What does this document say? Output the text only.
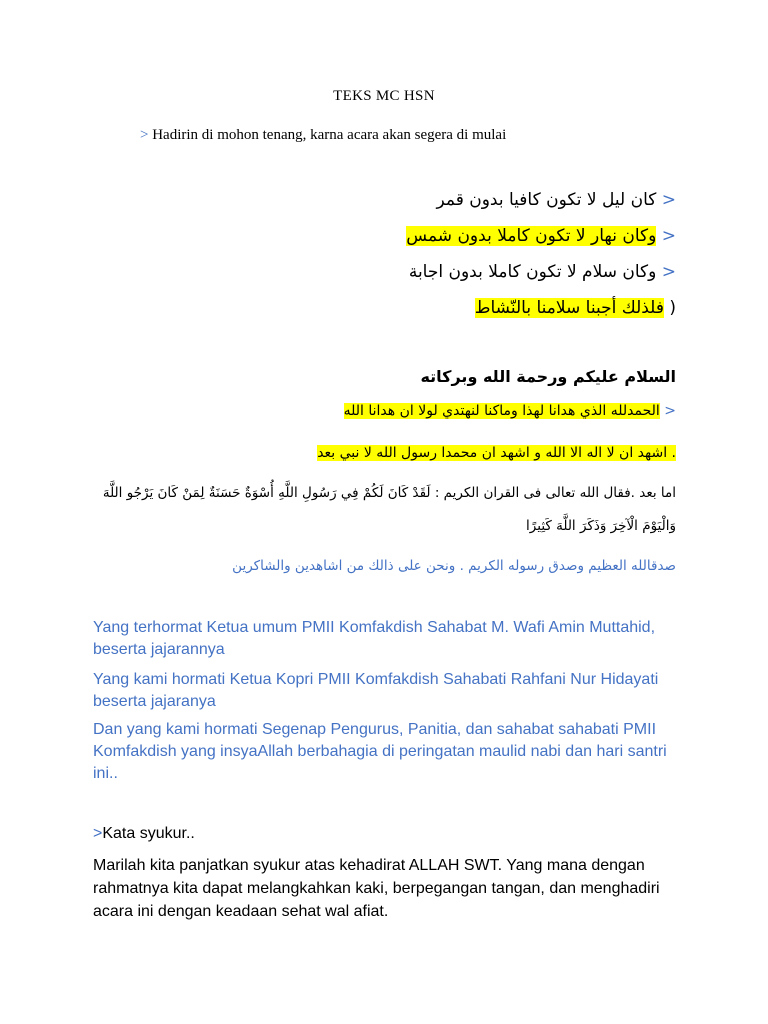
TEKS MC HSN
> Hadirin di mohon tenang, karna acara akan segera di mulai
< كان ليل لا تكون كافيا بدون قمر
< وكان نهار لا تكون كاملا بدون شمس
< وكان سلام لا تكون كاملا بدون اجابة
( فلذلك أجبنا سلامنا بالنّشاط
السلام عليكم ورحمة الله وبركاته
< الحمدلله الذي هدانا لهذا وماكنا لنهتدي لولا ان هدانا الله
. اشهد ان لا اله الا الله و اشهد ان محمدا رسول الله لا نبي بعد
اما بعد .فقال الله تعالى فى القران الكريم : لَقَدْ كَانَ لَكُمْ فِي رَسُولِ اللَّهِ أُسْوَةٌ حَسَنَةٌ لِمَنْ كَانَ يَرْجُو اللَّهَ
وَالْيَوْمَ الْآخِرَ وَذَكَرَ اللَّهَ كَثِيرًا
صدقالله العظيم وصدق رسوله الكريم . ونحن على ذالك من اشاهدين والشاكرين
Yang terhormat Ketua umum PMII Komfakdish Sahabat M. Wafi Amin Muttahid, beserta jajarannya
Yang kami hormati Ketua Kopri PMII Komfakdish Sahabati Rahfani Nur Hidayati beserta jajaranya
Dan yang kami hormati Segenap Pengurus, Panitia, dan sahabat sahabati PMII Komfakdish yang insyaAllah berbahagia di peringatan maulid nabi dan hari santri ini..
>Kata syukur..
Marilah kita panjatkan syukur atas kehadirat ALLAH SWT. Yang mana dengan rahmatnya kita dapat melangkahkan kaki, berpegangan tangan, dan menghadiri acara ini dengan keadaan sehat wal afiat.
